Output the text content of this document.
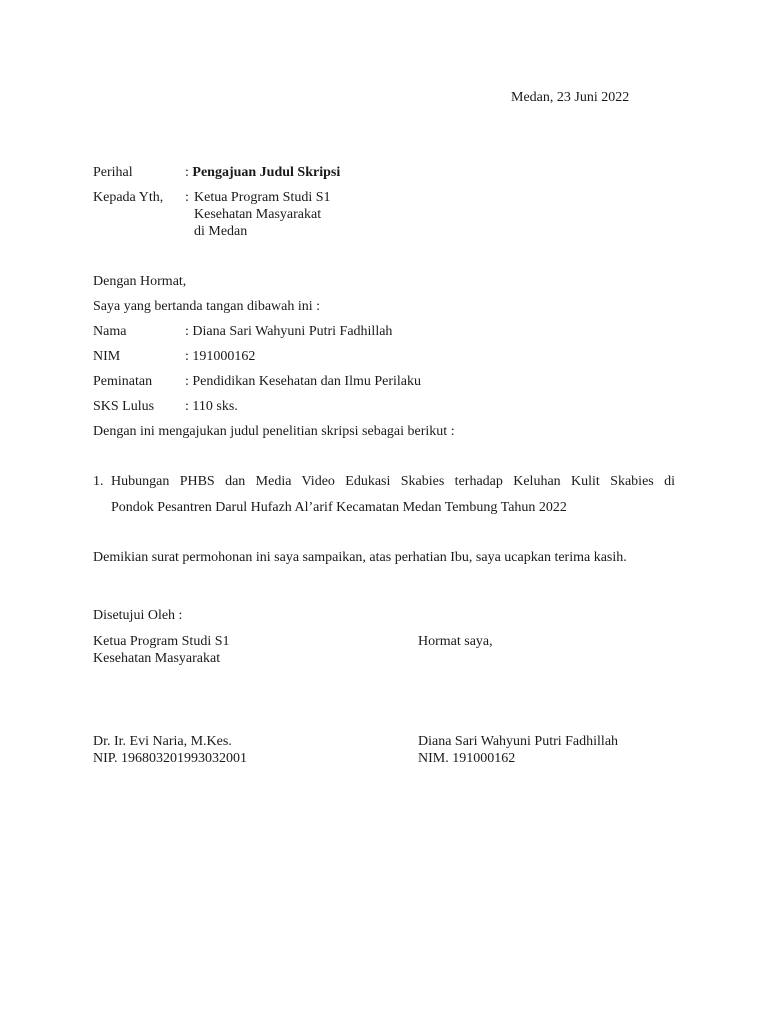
Medan, 23 Juni 2022
Perihal	: Pengajuan Judul Skripsi
Kepada Yth, : Ketua Program Studi S1
Kesehatan Masyarakat
di Medan
Dengan Hormat,
Saya yang bertanda tangan dibawah ini :
Nama	: Diana Sari Wahyuni Putri Fadhillah
NIM	: 191000162
Peminatan : Pendidikan Kesehatan dan Ilmu Perilaku
SKS Lulus : 110 sks.
Dengan ini mengajukan judul penelitian skripsi sebagai berikut :
1. Hubungan PHBS dan Media Video Edukasi Skabies terhadap Keluhan Kulit Skabies di
Pondok Pesantren Darul Hufazh Al’arif Kecamatan Medan Tembung Tahun 2022
Demikian surat permohonan ini saya sampaikan, atas perhatian Ibu, saya ucapkan terima kasih.
Disetujui Oleh :
Ketua Program Studi S1
Kesehatan Masyarakat
Dr. Ir. Evi Naria, M.Kes.
NIP. 196803201993032001
Hormat saya,
Diana Sari Wahyuni Putri Fadhillah
NIM. 191000162
